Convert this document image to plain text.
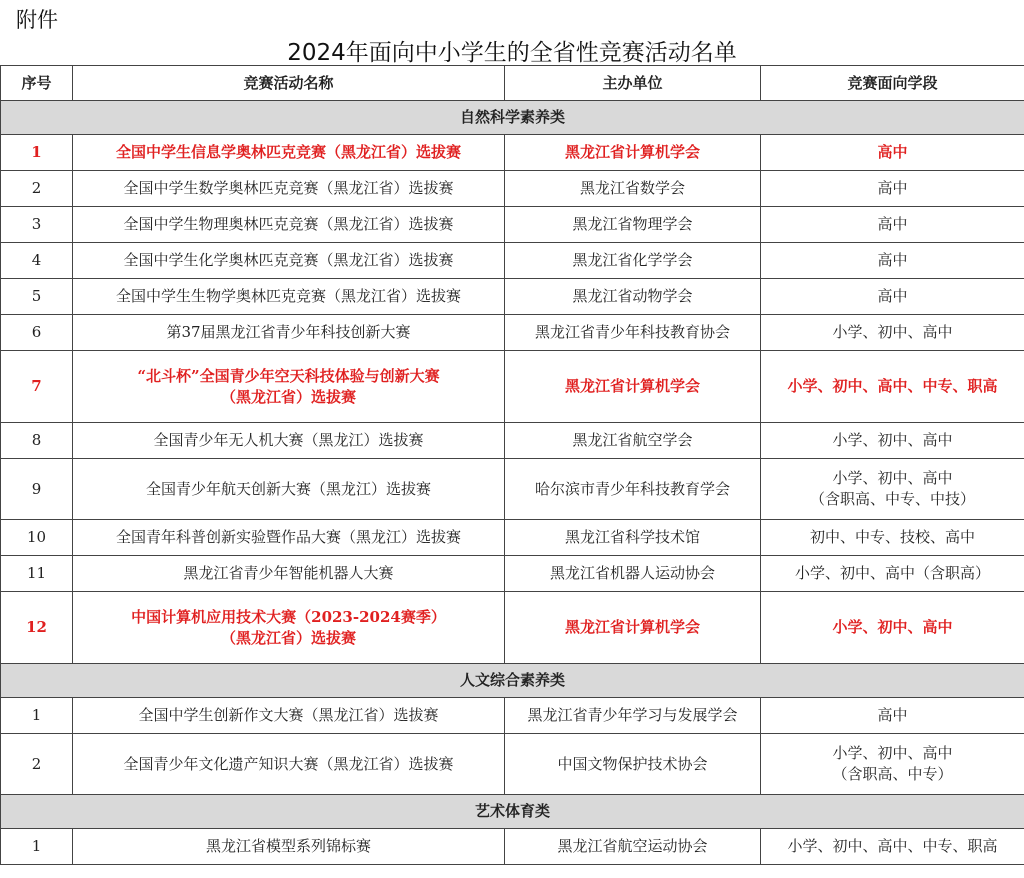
附件
2024年面向中小学生的全省性竞赛活动名单
序号	竞赛活动名称	主办单位	竞赛面向学段
自然科学素养类			
1	全国中学生信息学奥林匹克竞赛（黑龙江省）选拔赛	黑龙江省计算机学会	高中

2	全国中学生数学奥林匹克竞赛（黑龙江省）选拔赛	黑龙江省数学会	高中

3	全国中学生物理奥林匹克竞赛（黑龙江省）选拔赛	黑龙江省物理学会	高中

4	全国中学生化学奥林匹克竞赛（黑龙江省）选拔赛	黑龙江省化学学会	高中

5	全国中学生生物学奥林匹克竞赛（黑龙江省）选拔赛	黑龙江省动物学会	高中

6	第37届黑龙江省青少年科技创新大赛	黑龙江省青少年科技教育协会	小学、初中、高中

7	“北斗杯”全国青少年空天科技体验与创新大赛
（黑龙江省）选拔赛	黑龙江省计算机学会	小学、初中、高中、中专、职高

8	全国青少年无人机大赛（黑龙江）选拔赛	黑龙江省航空学会	小学、初中、高中

9	全国青少年航天创新大赛（黑龙江）选拔赛	哈尔滨市青少年科技教育学会	小学、初中、高中
（含职高、中专、中技）

10	全国青年科普创新实验暨作品大赛（黑龙江）选拔赛	黑龙江省科学技术馆	初中、中专、技校、高中

11	黑龙江省青少年智能机器人大赛	黑龙江省机器人运动协会	小学、初中、高中（含职高）

12	中国计算机应用技术大赛（2023-2024赛季）
（黑龙江省）选拔赛	黑龙江省计算机学会	小学、初中、高中

人文综合素养类			
1	全国中学生创新作文大赛（黑龙江省）选拔赛	黑龙江省青少年学习与发展学会	高中

2	全国青少年文化遗产知识大赛（黑龙江省）选拔赛	中国文物保护技术协会	小学、初中、高中
（含职高、中专）

艺术体育类			
1	黑龙江省模型系列锦标赛	黑龙江省航空运动协会	小学、初中、高中、中专、职高
